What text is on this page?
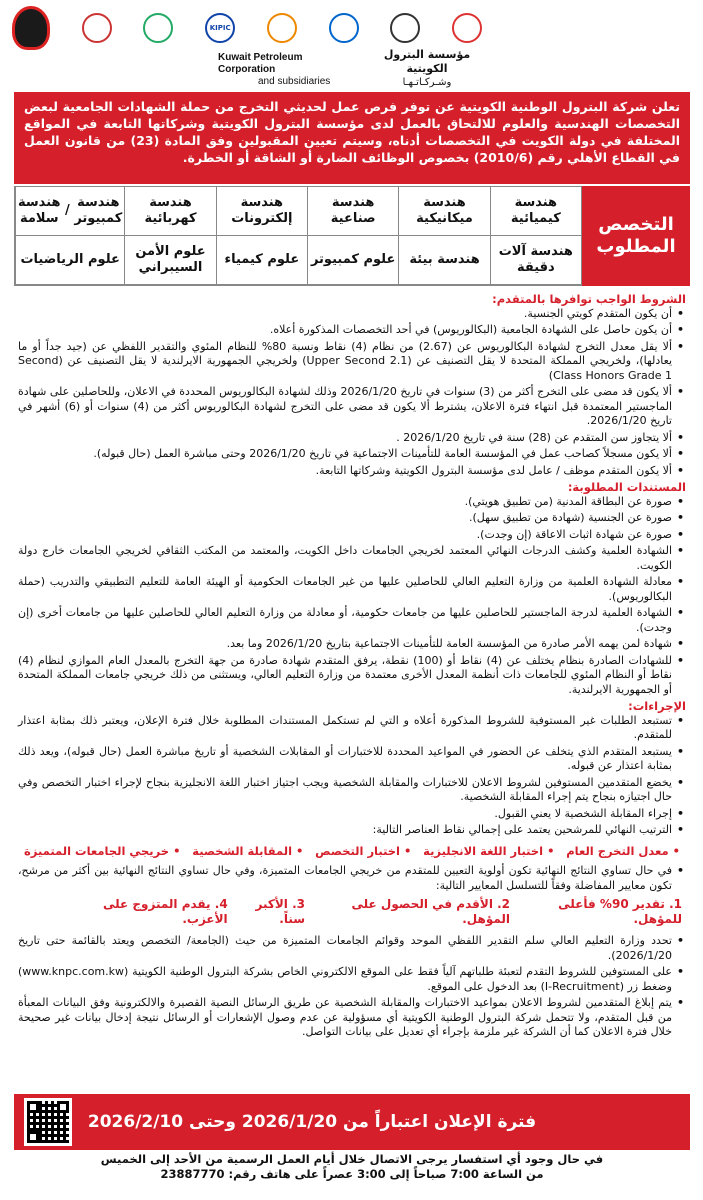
KIPIC
Kuwait Petroleum Corporation
and subsidiaries
مؤسسة البترول الكويتية
وشـركـاتـهـا
تعلن شركة البترول الوطنية الكويتية عن توفر فرص عمل لحديثي التخرج من حملة الشهادات الجامعية لبعض التخصصات الهندسية والعلوم للالتحاق بالعمل لدى مؤسسة البترول الكويتية وشركاتها التابعة في المواقع المختلفة في دولة الكويت في التخصصات أدناه، وسيتم تعيين المقبولين وفق المادة (23) من قانون العمل في القطاع الأهلي رقم (2010/6) بخصوص الوظائف الضارة أو الشاقة أو الخطرة.
التخصص المطلوب
هندسة كيميائية
هندسة ميكانيكية
هندسة صناعية
هندسة إلكترونات
هندسة كهربائية
هندسة كمبيوتر
/
هندسة سلامة
هندسة آلات دقيقة
هندسة بيئة
علوم كمبيوتر
علوم كيمياء
علوم الأمن السيبراني
علوم الرياضيات
الشروط الواجب توافرها بالمتقدم:
• أن يكون المتقدم كويتي الجنسية.
• أن يكون حاصل على الشهادة الجامعية (البكالوريوس) في أحد التخصصات المذكورة أعلاه.
• ألا يقل معدل التخرج لشهادة البكالوريوس عن (2.67) من نظام (4) نقاط ونسبة 80% للنظام المئوي والتقدير اللفظي عن (جيد جداً أو ما يعادلها)، ولخريجي المملكة المتحدة لا يقل التصنيف عن (Upper Second 2.1) ولخريجي الجمهورية الايرلندية لا يقل التصنيف عن (Second Class Honors Grade 1)
• ألا يكون قد مضى على التخرج أكثر من (3) سنوات في تاريخ 2026/1/20 وذلك لشهادة البكالوريوس المحددة في الاعلان، وللحاصلين على شهادة الماجستير المعتمدة قبل انتهاء فترة الاعلان، يشترط ألا يكون قد مضى على التخرج لشهادة البكالوريوس أكثر من (4) سنوات أو (6) أشهر في تاريخ 2026/1/20.
• ألا يتجاوز سن المتقدم عن (28) سنة في تاريخ 2026/1/20 .
• ألا يكون مسجلاً كصاحب عمل في المؤسسة العامة للتأمينات الاجتماعية في تاريخ 2026/1/20 وحتى مباشرة العمل (حال قبوله).
• ألا يكون المتقدم موظف / عامل لدى مؤسسة البترول الكويتية وشركاتها التابعة.
المستندات المطلوبة:
• صورة عن البطاقة المدنية (من تطبيق هويتي).
• صورة عن الجنسية (شهادة من تطبيق سهل).
• صورة عن شهادة اثبات الاعاقة (إن وجدت).
• الشهادة العلمية وكشف الدرجات النهائي المعتمد لخريجي الجامعات داخل الكويت، والمعتمد من المكتب الثقافي لخريجي الجامعات خارج دولة الكويت.
• معادلة الشهادة العلمية من وزارة التعليم العالي للحاصلين عليها من غير الجامعات الحكومية أو الهيئة العامة للتعليم التطبيقي والتدريب (حملة البكالوريوس).
• الشهادة العلمية لدرجة الماجستير للحاصلين عليها من جامعات حكومية، أو معادلة من وزارة التعليم العالي للحاصلين عليها من جامعات أخرى (إن وجدت).
• شهادة لمن يهمه الأمر صادرة من المؤسسة العامة للتأمينات الاجتماعية بتاريخ 2026/1/20 وما بعد.
• للشهادات الصادرة بنظام يختلف عن (4) نقاط أو (100) نقطة، يرفق المتقدم شهادة صادرة من جهة التخرج بالمعدل العام الموازي لنظام (4) نقاط أو النظام المئوي للجامعات ذات أنظمة المعدل الأخرى معتمدة من وزارة التعليم العالي، ويستثنى من ذلك خريجي جامعات المملكة المتحدة أو الجمهورية الايرلندية.
الإجراءات:
• تستبعد الطلبات غير المستوفية للشروط المذكورة أعلاه و التي لم تستكمل المستندات المطلوبة خلال فترة الإعلان، ويعتبر ذلك بمثابة اعتذار للمتقدم.
• يستبعد المتقدم الذي يتخلف عن الحضور في المواعيد المحددة للاختبارات أو المقابلات الشخصية أو تاريخ مباشرة العمل (حال قبوله)، ويعد ذلك بمثابة اعتذار عن قبوله.
• يخضع المتقدمين المستوفين لشروط الاعلان للاختبارات والمقابلة الشخصية ويجب اجتياز اختبار اللغة الانجليزية بنجاح لإجراء اختبار التخصص وفي حال اجتيازه بنجاح يتم إجراء المقابلة الشخصية.
• إجراء المقابلة الشخصية لا يعني القبول.
• الترتيب النهائي للمرشحين يعتمد على إجمالي نقاط العناصر التالية:
• معدل التخرج العام
• اختبار اللغة الانجليزية
• اختبار التخصص
• المقابلة الشخصية
• خريجي الجامعات المتميزة
• في حال تساوي النتائج النهائية تكون أولوية التعيين للمتقدم من خريجي الجامعات المتميزة، وفي حال تساوي النتائج النهائية بين أكثر من مرشح، تكون معايير المفاضلة وفقاً للتسلسل المعايير التالية:
1. تقدير 90% فأعلى للمؤهل.
2. الأقدم في الحصول على المؤهل.
3. الأكبر سناً.
4. يقدم المتزوج على الأعزب.
• تحدد وزارة التعليم العالي سلم التقدير اللفظي الموحد وقوائم الجامعات المتميزة من حيث (الجامعة/ التخصص ويعتد بالقائمة حتى تاريخ 2026/1/20).
• على المستوفين للشروط التقدم لتعبئة طلباتهم آلياً فقط على الموقع الالكتروني الخاص بشركة البترول الوطنية الكويتية (www.knpc.com.kw) وضغط زر (I-Recruitment) بعد الدخول على الموقع.
• يتم إبلاغ المتقدمين لشروط الاعلان بمواعيد الاختبارات والمقابلة الشخصية عن طريق الرسائل النصية القصيرة والالكترونية وفق البيانات المعبأة من قبل المتقدم، ولا تتحمل شركة البترول الوطنية الكويتية أي مسؤولية عن عدم وصول الإشعارات أو الرسائل نتيجة إدخال بيانات غير صحيحة خلال فترة الاعلان كما أن الشركة غير ملزمة بإجراء أي تعديل على بيانات التواصل.
فترة الإعلان اعتباراً من 2026/1/20 وحتى 2026/2/10
في حال وجود أي استفسار يرجى الاتصال خلال أيام العمل الرسمية من الأحد إلى الخميس
من الساعة 7:00 صباحاً إلى 3:00 عصراً على هاتف رقم: 23887770
